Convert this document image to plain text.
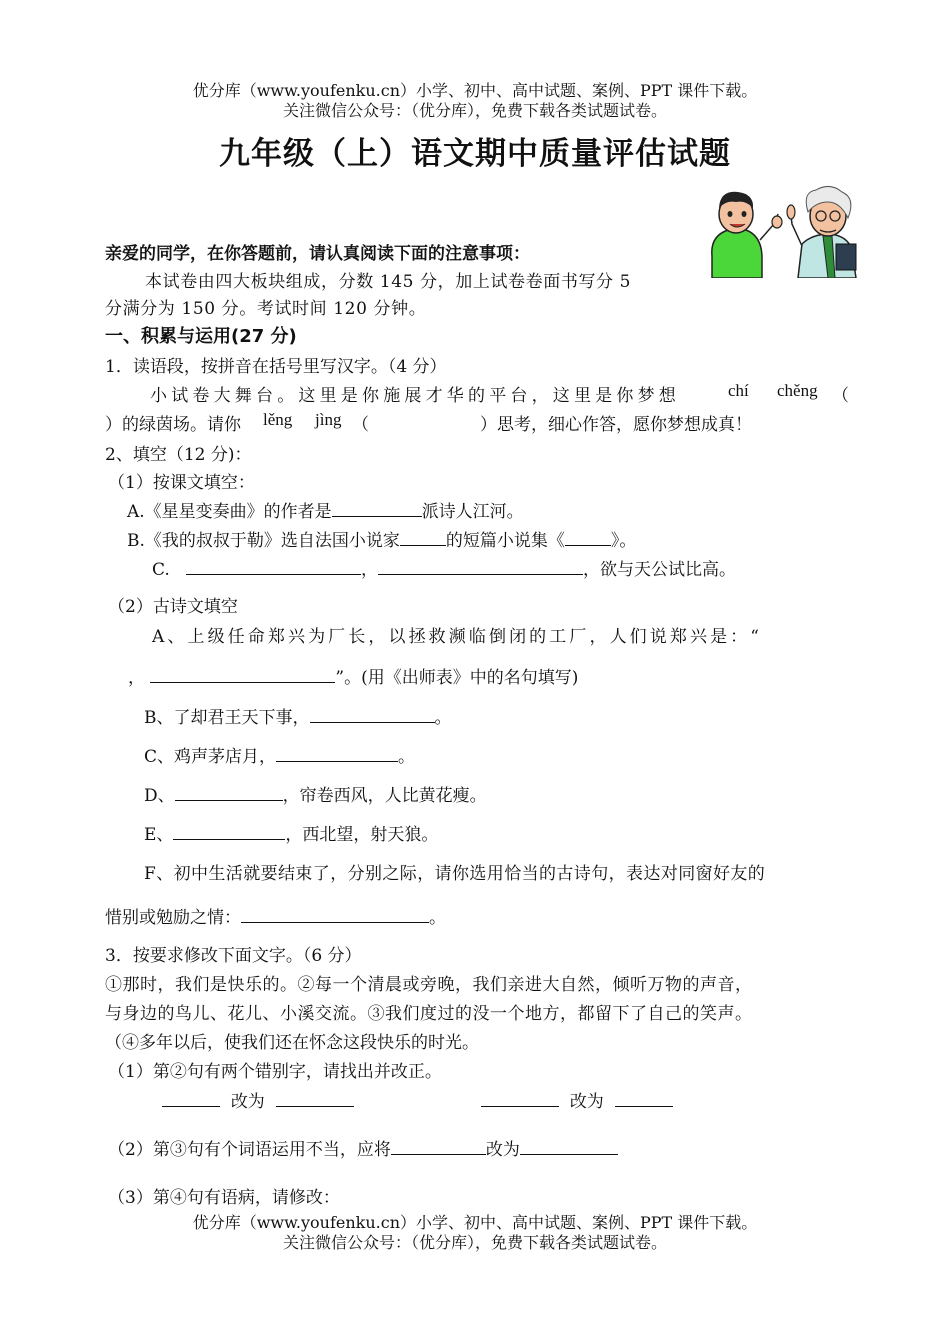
优分库（www.youfenku.cn）小学、初中、高中试题、案例、PPT 课件下载。
关注微信公众号：（优分库），免费下载各类试题试卷。
九年级（上）语文期中质量评估试题
亲爱的同学，在你答题前，请认真阅读下面的注意事项：
本试卷由四大板块组成，分数 145 分，加上试卷卷面书写分 5
分满分为 150 分。考试时间 120 分钟。
一、积累与运用(27 分)
1．读语段，按拼音在括号里写汉字。（4 分）
小试卷大舞台。这里是你施展才华的平台，这里是你梦想	chí chěng （
）的绿茵场。请你 lěng jìng （	）思考，细心作答，愿你梦想成真！
2、填空（12 分)：
（1）按课文填空：
A.《星星变奏曲》的作者是	派诗人江河。
B.《我的叔叔于勒》选自法国小说家	的短篇小说集《	》。
C.	，	，欲与天公试比高。
（2）古诗文填空
A、上级任命郑兴为厂长，以拯救濒临倒闭的工厂，人们说郑兴是：“
，	”。(用《出师表》中的名句填写)
B、了却君王天下事，	。
C、鸡声茅店月，	。
D、	，帘卷西风，人比黄花瘦。
E、	，西北望，射天狼。
F、初中生活就要结束了，分别之际，请你选用恰当的古诗句，表达对同窗好友的
惜别或勉励之情：	。
3．按要求修改下面文字。（6 分）
①那时，我们是快乐的。②每一个清晨或旁晚，我们亲进大自然，倾听万物的声音，
与身边的鸟儿、花儿、小溪交流。③我们度过的没一个地方，都留下了自己的笑声。
（④多年以后，使我们还在怀念这段快乐的时光。
（1）第②句有两个错别字，请找出并改正。
改为	改为
（2）第③句有个词语运用不当，应将	改为
（3）第④句有语病，请修改：
优分库（www.youfenku.cn）小学、初中、高中试题、案例、PPT 课件下载。
关注微信公众号：（优分库），免费下载各类试题试卷。
